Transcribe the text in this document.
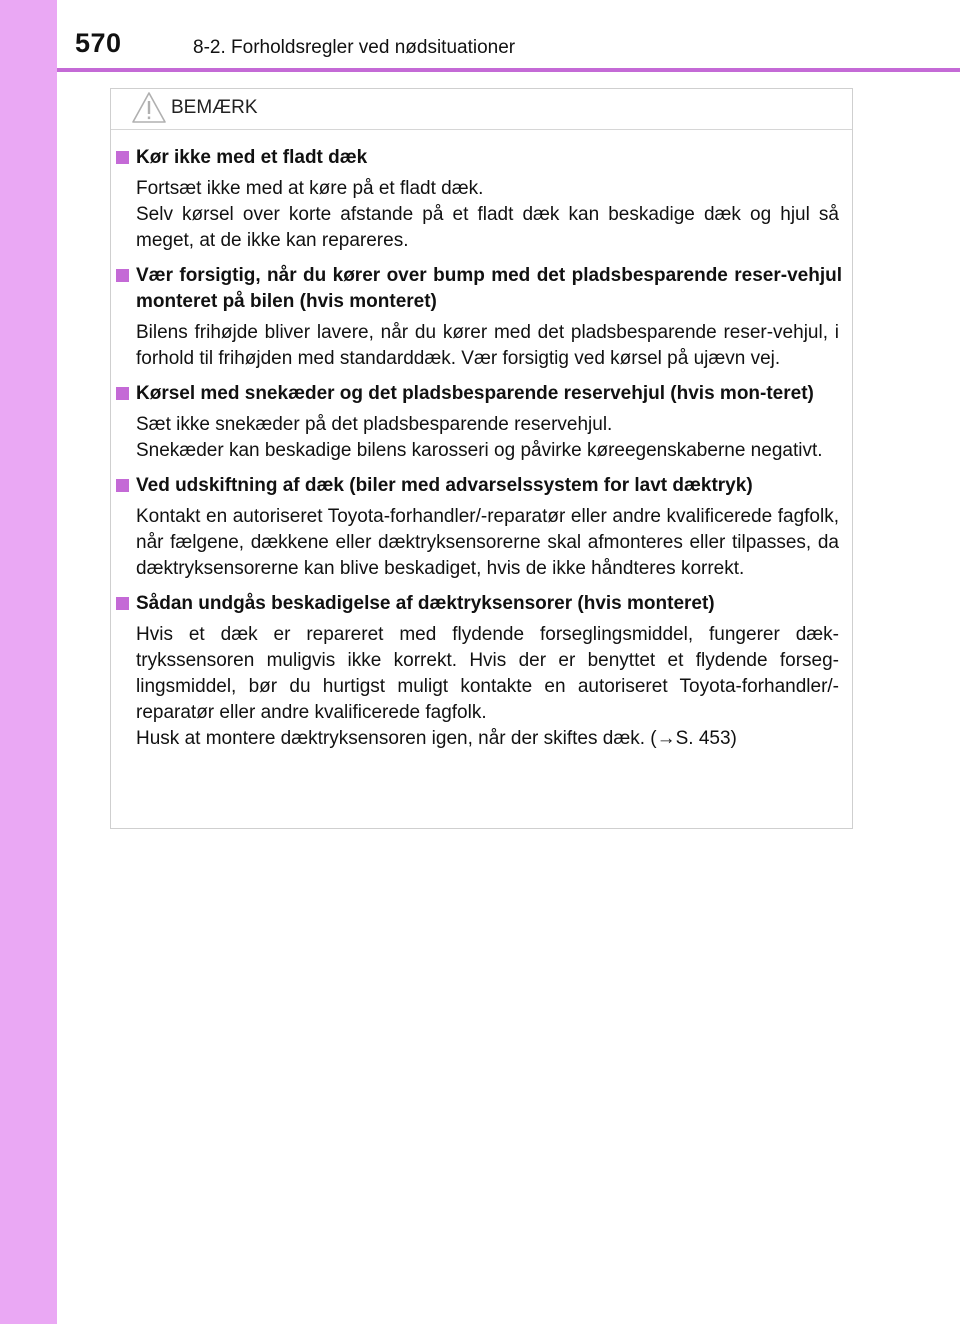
570	8-2. Forholdsregler ved nødsituationer
BEMÆRK
Kør ikke med et fladt dæk

Fortsæt ikke med at køre på et fladt dæk.

Selv kørsel over korte afstande på et fladt dæk kan beskadige dæk og hjul så meget, at de ikke kan repareres.

Vær forsigtig, når du kører over bump med det pladsbesparende reser-vehjul monteret på bilen (hvis monteret)

Bilens frihøjde bliver lavere, når du kører med det pladsbesparende reser-vehjul, i forhold til frihøjden med standarddæk. Vær forsigtig ved kørsel på ujævn vej.

Kørsel med snekæder og det pladsbesparende reservehjul (hvis mon-teret)

Sæt ikke snekæder på det pladsbesparende reservehjul.

Snekæder kan beskadige bilens karosseri og påvirke køreegenskaberne negativt.

Ved udskiftning af dæk (biler med advarselssystem for lavt dæktryk)

Kontakt en autoriseret Toyota-forhandler/-reparatør eller andre kvalificerede fagfolk, når fælgene, dækkene eller dæktryksensorerne skal afmonteres eller tilpasses, da dæktryksensorerne kan blive beskadiget, hvis de ikke håndteres korrekt.

Sådan undgås beskadigelse af dæktryksensorer (hvis monteret)

Hvis et dæk er repareret med flydende forseglingsmiddel, fungerer dæk-trykssensoren muligvis ikke korrekt. Hvis der er benyttet et flydende forseg-lingsmiddel, bør du hurtigst muligt kontakte en autoriseret Toyota-forhandler/-reparatør eller andre kvalificerede fagfolk.

Husk at montere dæktryksensoren igen, når der skiftes dæk. (→S. 453)
